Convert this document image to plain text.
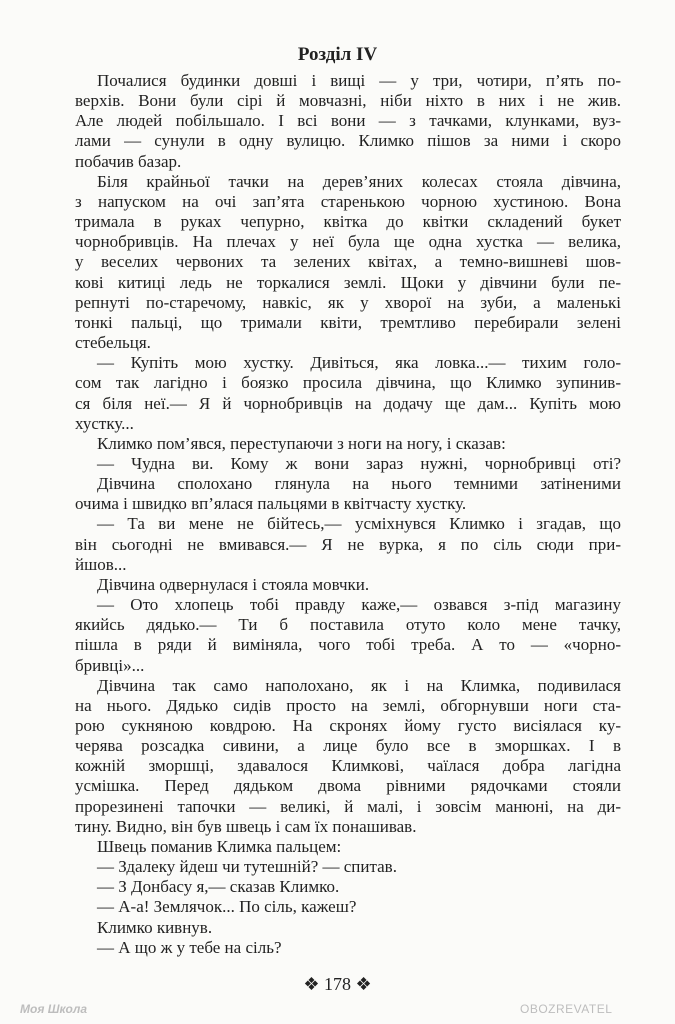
Розділ IV
Почалися будинки довші і вищі — у три, чотири, п’ять по-
верхів. Вони були сірі й мовчазні, ніби ніхто в них і не жив.
Але людей побільшало. І всі вони — з тачками, клунками, вуз-
лами — сунули в одну вулицю. Климко пішов за ними і скоро
побачив базар.
Біля крайньої тачки на дерев’яних колесах стояла дівчина,
з напуском на очі зап’ята старенькою чорною хустиною. Вона
тримала в руках чепурно, квітка до квітки складений букет
чорнобривців. На плечах у неї була ще одна хустка — велика,
у веселих червоних та зелених квітах, а темно-вишневі шов-
кові китиці ледь не торкалися землі. Щоки у дівчини були пе-
репнуті по-старечому, навкіс, як у хворої на зуби, а маленькі
тонкі пальці, що тримали квіти, тремтливо перебирали зелені
стебельця.
— Купіть мою хустку. Дивіться, яка ловка...— тихим голо-
сом так лагідно і боязко просила дівчина, що Климко зупинив-
ся біля неї.— Я й чорнобривців на додачу ще дам... Купіть мою
хустку...
Климко пом’явся, переступаючи з ноги на ногу, і сказав:
— Чудна ви. Кому ж вони зараз нужні, чорнобривці оті?
Дівчина сполохано глянула на нього темними затіненими
очима і швидко вп’ялася пальцями в квітчасту хустку.
— Та ви мене не бійтесь,— усміхнувся Климко і згадав, що
він сьогодні не вмивався.— Я не вурка, я по сіль сюди при-
йшов...
Дівчина одвернулася і стояла мовчки.
— Ото хлопець тобі правду каже,— озвався з-під магазину
якийсь дядько.— Ти б поставила отуто коло мене тачку,
пішла в ряди й виміняла, чого тобі треба. А то — «чорно-
бривці»...
Дівчина так само наполохано, як і на Климка, подивилася
на нього. Дядько сидів просто на землі, обгорнувши ноги ста-
рою сукняною ковдрою. На скронях йому густо висіялася ку-
черява розсадка сивини, а лице було все в зморшках. І в
кожній зморшці, здавалося Климкові, чаїлася добра лагідна
усмішка. Перед дядьком двома рівними рядочками стояли
прорезинені тапочки — великі, й малі, і зовсім манюні, на ди-
тину. Видно, він був швець і сам їх понашивав.
Швець поманив Климка пальцем:
— Здалеку йдеш чи тутешній? — спитав.
— З Донбасу я,— сказав Климко.
— А-а! Землячок... По сіль, кажеш?
Климко кивнув.
— А що ж у тебе на сіль?
❖ 178 ❖
Моя Школа	OBOZREVATEL
